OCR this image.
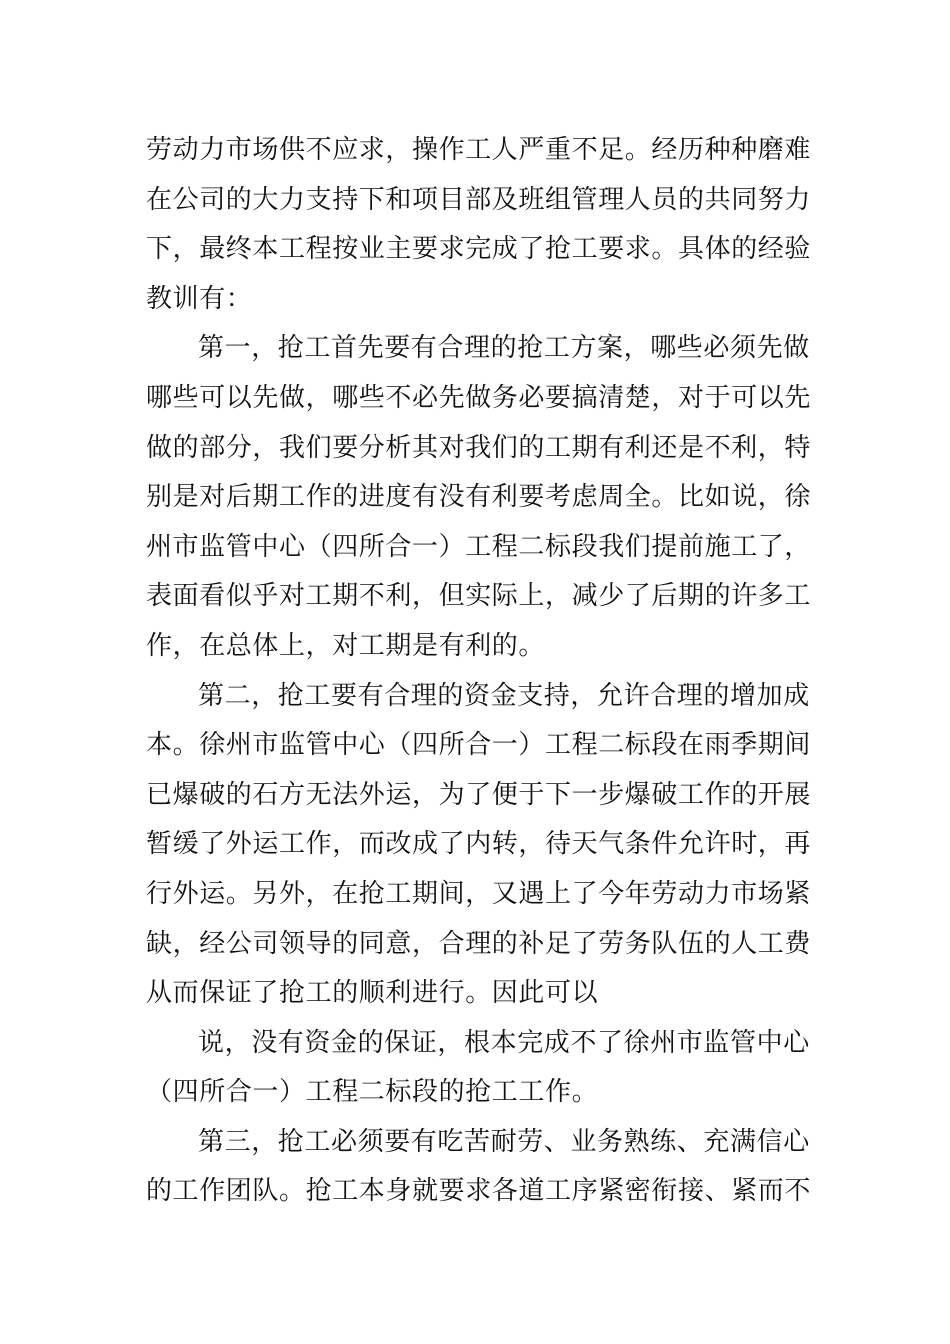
劳动力市场供不应求，操作工人严重不足。经历种种磨难
在公司的大力支持下和项目部及班组管理人员的共同努力
下，最终本工程按业主要求完成了抢工要求。具体的经验
教训有：
第一，抢工首先要有合理的抢工方案，哪些必须先做
哪些可以先做，哪些不必先做务必要搞清楚，对于可以先
做的部分，我们要分析其对我们的工期有利还是不利，特
别是对后期工作的进度有没有利要考虑周全。比如说，徐
州市监管中心（四所合一）工程二标段我们提前施工了，
表面看似乎对工期不利，但实际上，减少了后期的许多工
作，在总体上，对工期是有利的。
第二，抢工要有合理的资金支持，允许合理的增加成
本。徐州市监管中心（四所合一）工程二标段在雨季期间
已爆破的石方无法外运，为了便于下一步爆破工作的开展
暂缓了外运工作，而改成了内转，待天气条件允许时，再
行外运。另外，在抢工期间，又遇上了今年劳动力市场紧
缺，经公司领导的同意，合理的补足了劳务队伍的人工费
从而保证了抢工的顺利进行。因此可以
说，没有资金的保证，根本完成不了徐州市监管中心
（四所合一）工程二标段的抢工工作。
第三，抢工必须要有吃苦耐劳、业务熟练、充满信心
的工作团队。抢工本身就要求各道工序紧密衔接、紧而不
